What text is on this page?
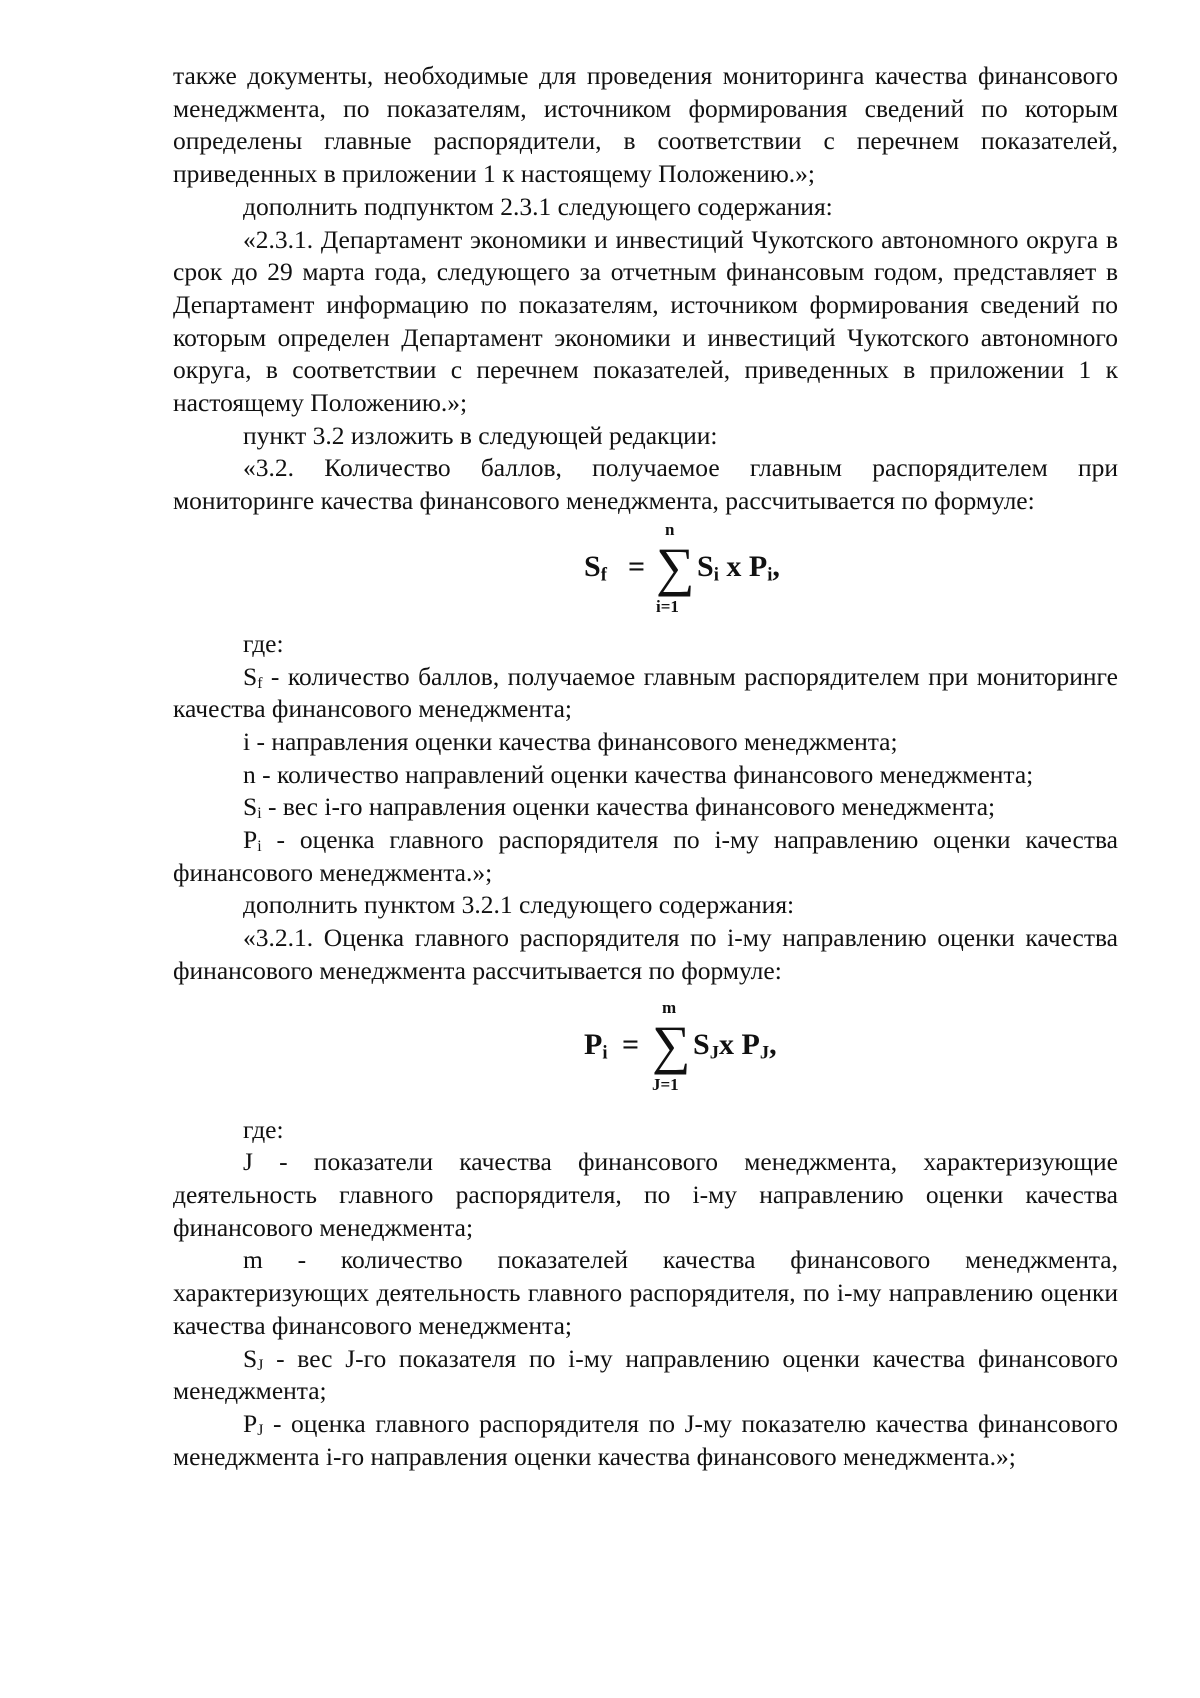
также документы, необходимые для проведения мониторинга качества финансового менеджмента, по показателям, источником формирования сведений по которым определены главные распорядители, в соответствии с перечнем показателей, приведенных в приложении 1 к настоящему Положению.»;

дополнить подпунктом 2.3.1 следующего содержания:

«2.3.1. Департамент экономики и инвестиций Чукотского автономного округа в срок до 29 марта года, следующего за отчетным финансовым годом, представляет в Департамент информацию по показателям, источником формирования сведений по которым определен Департамент экономики и инвестиций Чукотского автономного округа, в соответствии с перечнем показателей, приведенных в приложении 1 к настоящему Положению.»;

пункт 3.2 изложить в следующей редакции:

«3.2. Количество баллов, получаемое главным распорядителем при мониторинге качества финансового менеджмента, рассчитывается по формуле:

$S_f$ =
n
∑
i=1
$S_i$ x $P_i$,

где:

Sf - количество баллов, получаемое главным распорядителем при мониторинге качества финансового менеджмента;

i - направления оценки качества финансового менеджмента;

n - количество направлений оценки качества финансового менеджмента;

Si - вес i-го направления оценки качества финансового менеджмента;

Pi - оценка главного распорядителя по i-му направлению оценки качества финансового менеджмента.»;

дополнить пунктом 3.2.1 следующего содержания:

«3.2.1. Оценка главного распорядителя по i-му направлению оценки качества финансового менеджмента рассчитывается по формуле:

$P_i$ =
m
∑
J=1
$S_Jx$ $P_J$,

где:

J - показатели качества финансового менеджмента, характеризующие деятельность главного распорядителя, по i-му направлению оценки качества финансового менеджмента;

m - количество показателей качества финансового менеджмента, характеризующих деятельность главного распорядителя, по i-му направлению оценки качества финансового менеджмента;

SJ - вес J-го показателя по i-му направлению оценки качества финансового менеджмента;

PJ - оценка главного распорядителя по J-му показателю качества финансового менеджмента i-го направления оценки качества финансового менеджмента.»;
